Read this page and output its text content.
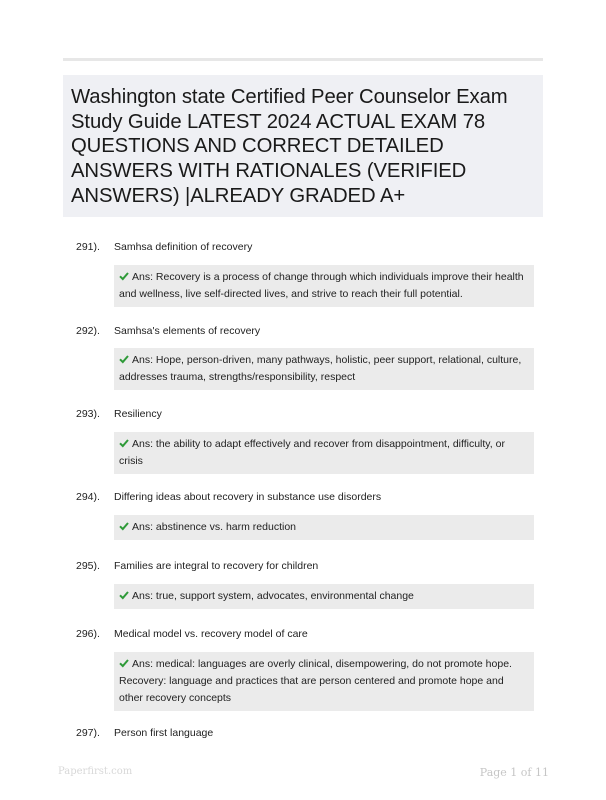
Washington state Certified Peer Counselor Exam Study Guide LATEST 2024 ACTUAL EXAM 78 QUESTIONS AND CORRECT DETAILED ANSWERS WITH RATIONALES (VERIFIED ANSWERS) |ALREADY GRADED A+
291). Samhsa definition of recovery
Ans: Recovery is a process of change through which individuals improve their health and wellness, live self-directed lives, and strive to reach their full potential.
292). Samhsa's elements of recovery
Ans: Hope, person-driven, many pathways, holistic, peer support, relational, culture, addresses trauma, strengths/responsibility, respect
293). Resiliency
Ans: the ability to adapt effectively and recover from disappointment, difficulty, or crisis
294). Differing ideas about recovery in substance use disorders
Ans: abstinence vs. harm reduction
295). Families are integral to recovery for children
Ans: true, support system, advocates, environmental change
296). Medical model vs. recovery model of care
Ans: medical: languages are overly clinical, disempowering, do not promote hope. Recovery: language and practices that are person centered and promote hope and other recovery concepts
297). Person first language
Paperfirst.com	Page 1 of 11
